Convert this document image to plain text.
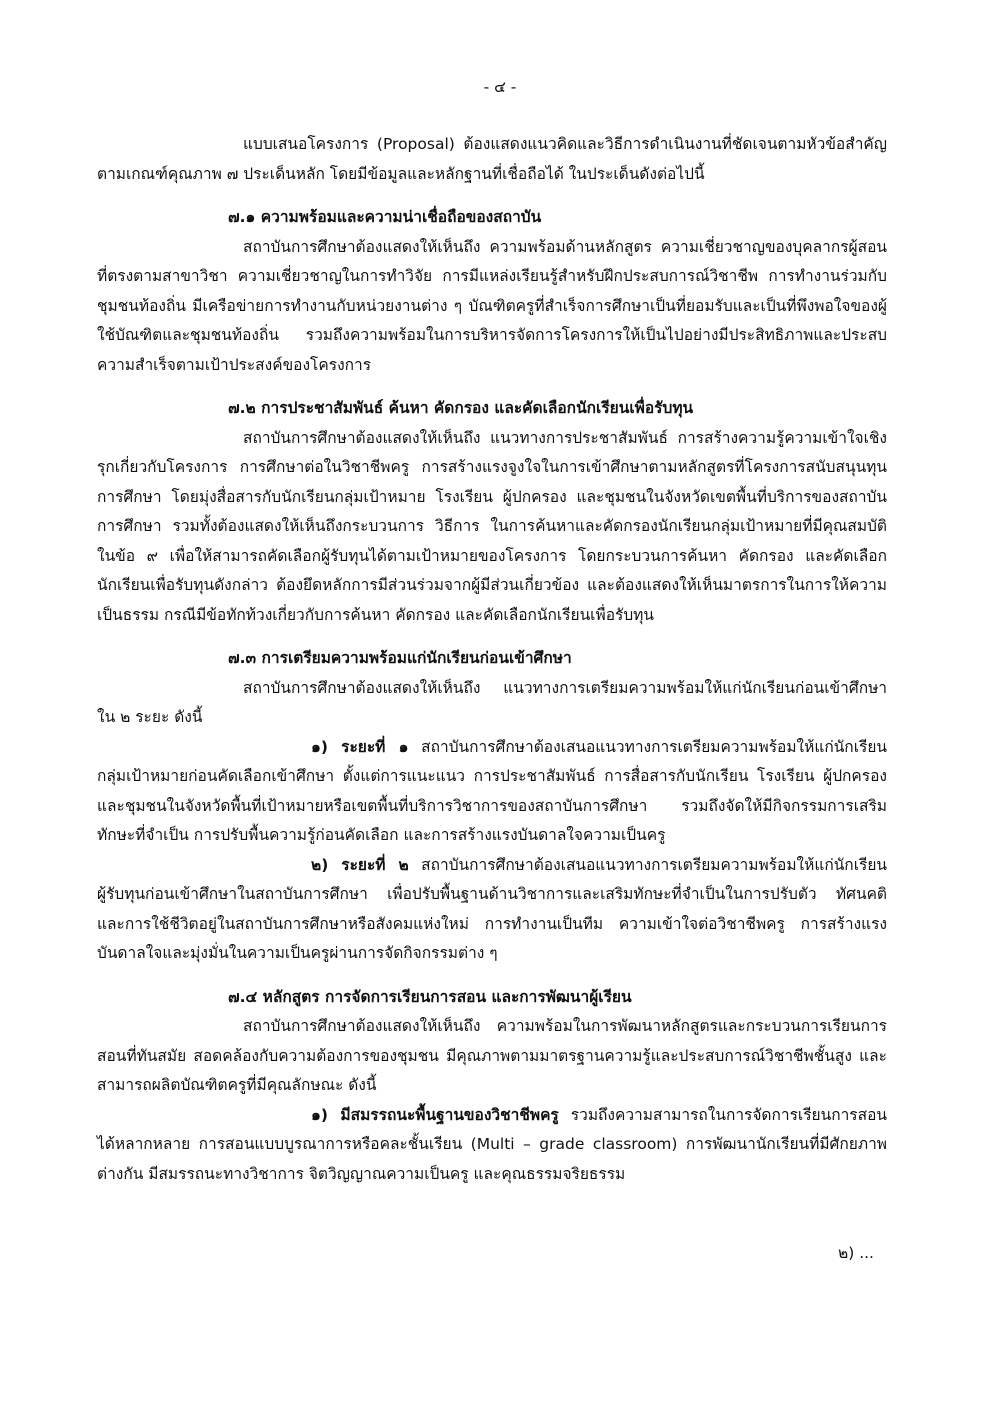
- ๔ -

แบบเสนอโครงการ (Proposal) ต้องแสดงแนวคิดและวิธีการดำเนินงานที่ชัดเจนตามหัวข้อสำคัญตามเกณฑ์คุณภาพ ๗ ประเด็นหลัก โดยมีข้อมูลและหลักฐานที่เชื่อถือได้ ในประเด็นดังต่อไปนี้

๗.๑ ความพร้อมและความน่าเชื่อถือของสถาบัน

สถาบันการศึกษาต้องแสดงให้เห็นถึง ความพร้อมด้านหลักสูตร ความเชี่ยวชาญของบุคลากรผู้สอนที่ตรงตามสาขาวิชา ความเชี่ยวชาญในการทำวิจัย การมีแหล่งเรียนรู้สำหรับฝึกประสบการณ์วิชาชีพ การทำงานร่วมกับชุมชนท้องถิ่น มีเครือข่ายการทำงานกับหน่วยงานต่าง ๆ บัณฑิตครูที่สำเร็จการศึกษาเป็นที่ยอมรับและเป็นที่พึงพอใจของผู้ใช้บัณฑิตและชุมชนท้องถิ่น รวมถึงความพร้อมในการบริหารจัดการโครงการให้เป็นไปอย่างมีประสิทธิภาพและประสบความสำเร็จตามเป้าประสงค์ของโครงการ

๗.๒ การประชาสัมพันธ์ ค้นหา คัดกรอง และคัดเลือกนักเรียนเพื่อรับทุน

สถาบันการศึกษาต้องแสดงให้เห็นถึง แนวทางการประชาสัมพันธ์ การสร้างความรู้ความเข้าใจเชิงรุกเกี่ยวกับโครงการ การศึกษาต่อในวิชาชีพครู การสร้างแรงจูงใจในการเข้าศึกษาตามหลักสูตรที่โครงการสนับสนุนทุนการศึกษา โดยมุ่งสื่อสารกับนักเรียนกลุ่มเป้าหมาย โรงเรียน ผู้ปกครอง และชุมชนในจังหวัดเขตพื้นที่บริการของสถาบันการศึกษา รวมทั้งต้องแสดงให้เห็นถึงกระบวนการ วิธีการ ในการค้นหาและคัดกรองนักเรียนกลุ่มเป้าหมายที่มีคุณสมบัติในข้อ ๙ เพื่อให้สามารถคัดเลือกผู้รับทุนได้ตามเป้าหมายของโครงการ โดยกระบวนการค้นหา คัดกรอง และคัดเลือกนักเรียนเพื่อรับทุนดังกล่าว ต้องยึดหลักการมีส่วนร่วมจากผู้มีส่วนเกี่ยวข้อง และต้องแสดงให้เห็นมาตรการในการให้ความเป็นธรรม กรณีมีข้อทักท้วงเกี่ยวกับการค้นหา คัดกรอง และคัดเลือกนักเรียนเพื่อรับทุน

๗.๓ การเตรียมความพร้อมแก่นักเรียนก่อนเข้าศึกษา

สถาบันการศึกษาต้องแสดงให้เห็นถึง แนวทางการเตรียมความพร้อมให้แก่นักเรียนก่อนเข้าศึกษาใน ๒ ระยะ ดังนี้

๑) ระยะที่ ๑ สถาบันการศึกษาต้องเสนอแนวทางการเตรียมความพร้อมให้แก่นักเรียนกลุ่มเป้าหมายก่อนคัดเลือกเข้าศึกษา ตั้งแต่การแนะแนว การประชาสัมพันธ์ การสื่อสารกับนักเรียน โรงเรียน ผู้ปกครอง และชุมชนในจังหวัดพื้นที่เป้าหมายหรือเขตพื้นที่บริการวิชาการของสถาบันการศึกษา รวมถึงจัดให้มีกิจกรรมการเสริมทักษะที่จำเป็น การปรับพื้นความรู้ก่อนคัดเลือก และการสร้างแรงบันดาลใจความเป็นครู

๒) ระยะที่ ๒ สถาบันการศึกษาต้องเสนอแนวทางการเตรียมความพร้อมให้แก่นักเรียนผู้รับทุนก่อนเข้าศึกษาในสถาบันการศึกษา เพื่อปรับพื้นฐานด้านวิชาการและเสริมทักษะที่จำเป็นในการปรับตัว ทัศนคติ และการใช้ชีวิตอยู่ในสถาบันการศึกษาหรือสังคมแห่งใหม่ การทำงานเป็นทีม ความเข้าใจต่อวิชาชีพครู การสร้างแรงบันดาลใจและมุ่งมั่นในความเป็นครูผ่านการจัดกิจกรรมต่าง ๆ

๗.๔ หลักสูตร การจัดการเรียนการสอน และการพัฒนาผู้เรียน

สถาบันการศึกษาต้องแสดงให้เห็นถึง ความพร้อมในการพัฒนาหลักสูตรและกระบวนการเรียนการสอนที่ทันสมัย สอดคล้องกับความต้องการของชุมชน มีคุณภาพตามมาตรฐานความรู้และประสบการณ์วิชาชีพชั้นสูง และสามารถผลิตบัณฑิตครูที่มีคุณลักษณะ ดังนี้

๑) มีสมรรถนะพื้นฐานของวิชาชีพครู รวมถึงความสามารถในการจัดการเรียนการสอนได้หลากหลาย การสอนแบบบูรณาการหรือคละชั้นเรียน (Multi – grade classroom) การพัฒนานักเรียนที่มีศักยภาพต่างกัน มีสมรรถนะทางวิชาการ จิตวิญญาณความเป็นครู และคุณธรรมจริยธรรม

๒) ...
